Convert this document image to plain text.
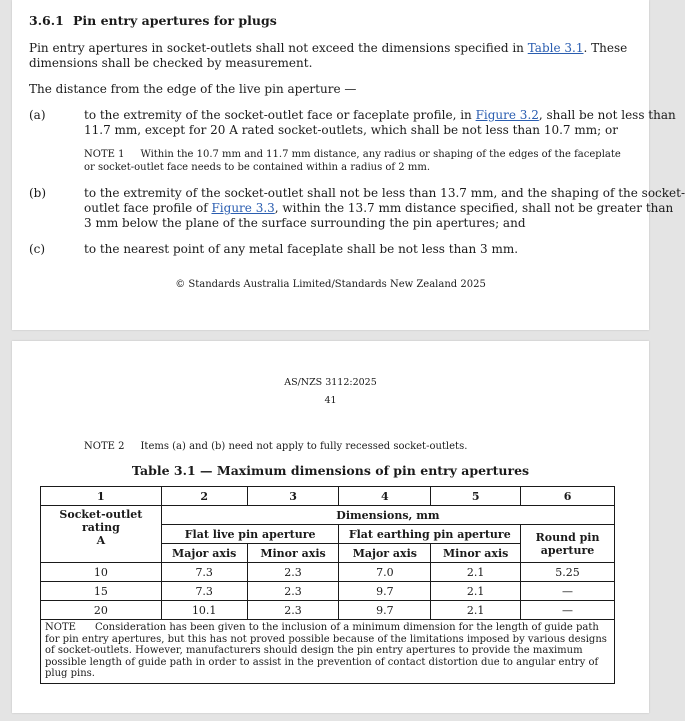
3.6.1 Pin entry apertures for plugs
Pin entry apertures in socket-outlets shall not exceed the dimensions specified in Table 3.1. These
dimensions shall be checked by measurement.
The distance from the edge of the live pin aperture —
(a)	to the extremity of the socket-outlet face or faceplate profile, in Figure 3.2, shall be not less than
11.7 mm, except for 20 A rated socket-outlets, which shall be not less than 10.7 mm; or
NOTE 1 Within the 10.7 mm and 11.7 mm distance, any radius or shaping of the edges of the faceplate
or socket-outlet face needs to be contained within a radius of 2 mm.
(b)	to the extremity of the socket-outlet shall not be less than 13.7 mm, and the shaping of the socket-
outlet face profile of Figure 3.3, within the 13.7 mm distance specified, shall not be greater than
3 mm below the plane of the surface surrounding the pin apertures; and
(c)	to the nearest point of any metal faceplate shall be not less than 3 mm.
© Standards Australia Limited/Standards New Zealand 2025
AS/NZS 3112:2025
41
NOTE 2 Items (a) and (b) need not apply to fully recessed socket-outlets.
Table 3.1 — Maximum dimensions of pin entry apertures
1	2	3	4	5	6
Socket-outlet rating
A	Dimensions, mm				
	Flat live pin aperture		Flat earthing pin aperture		Round pin
aperture
	Major axis	Minor axis	Major axis	Minor axis	
10	7.3	2.3	7.0	2.1	5.25
15	7.3	2.3	9.7	2.1	—
20	10.1	2.3	9.7	2.1	—

NOTE      Consideration has been given to the inclusion of a minimum dimension for the length of guide path
for pin entry apertures, but this has not proved possible because of the limitations imposed by various designs
of socket-outlets. However, manufacturers should design the pin entry apertures to provide the maximum
possible length of guide path in order to assist in the prevention of contact distortion due to angular entry of
plug pins.					
